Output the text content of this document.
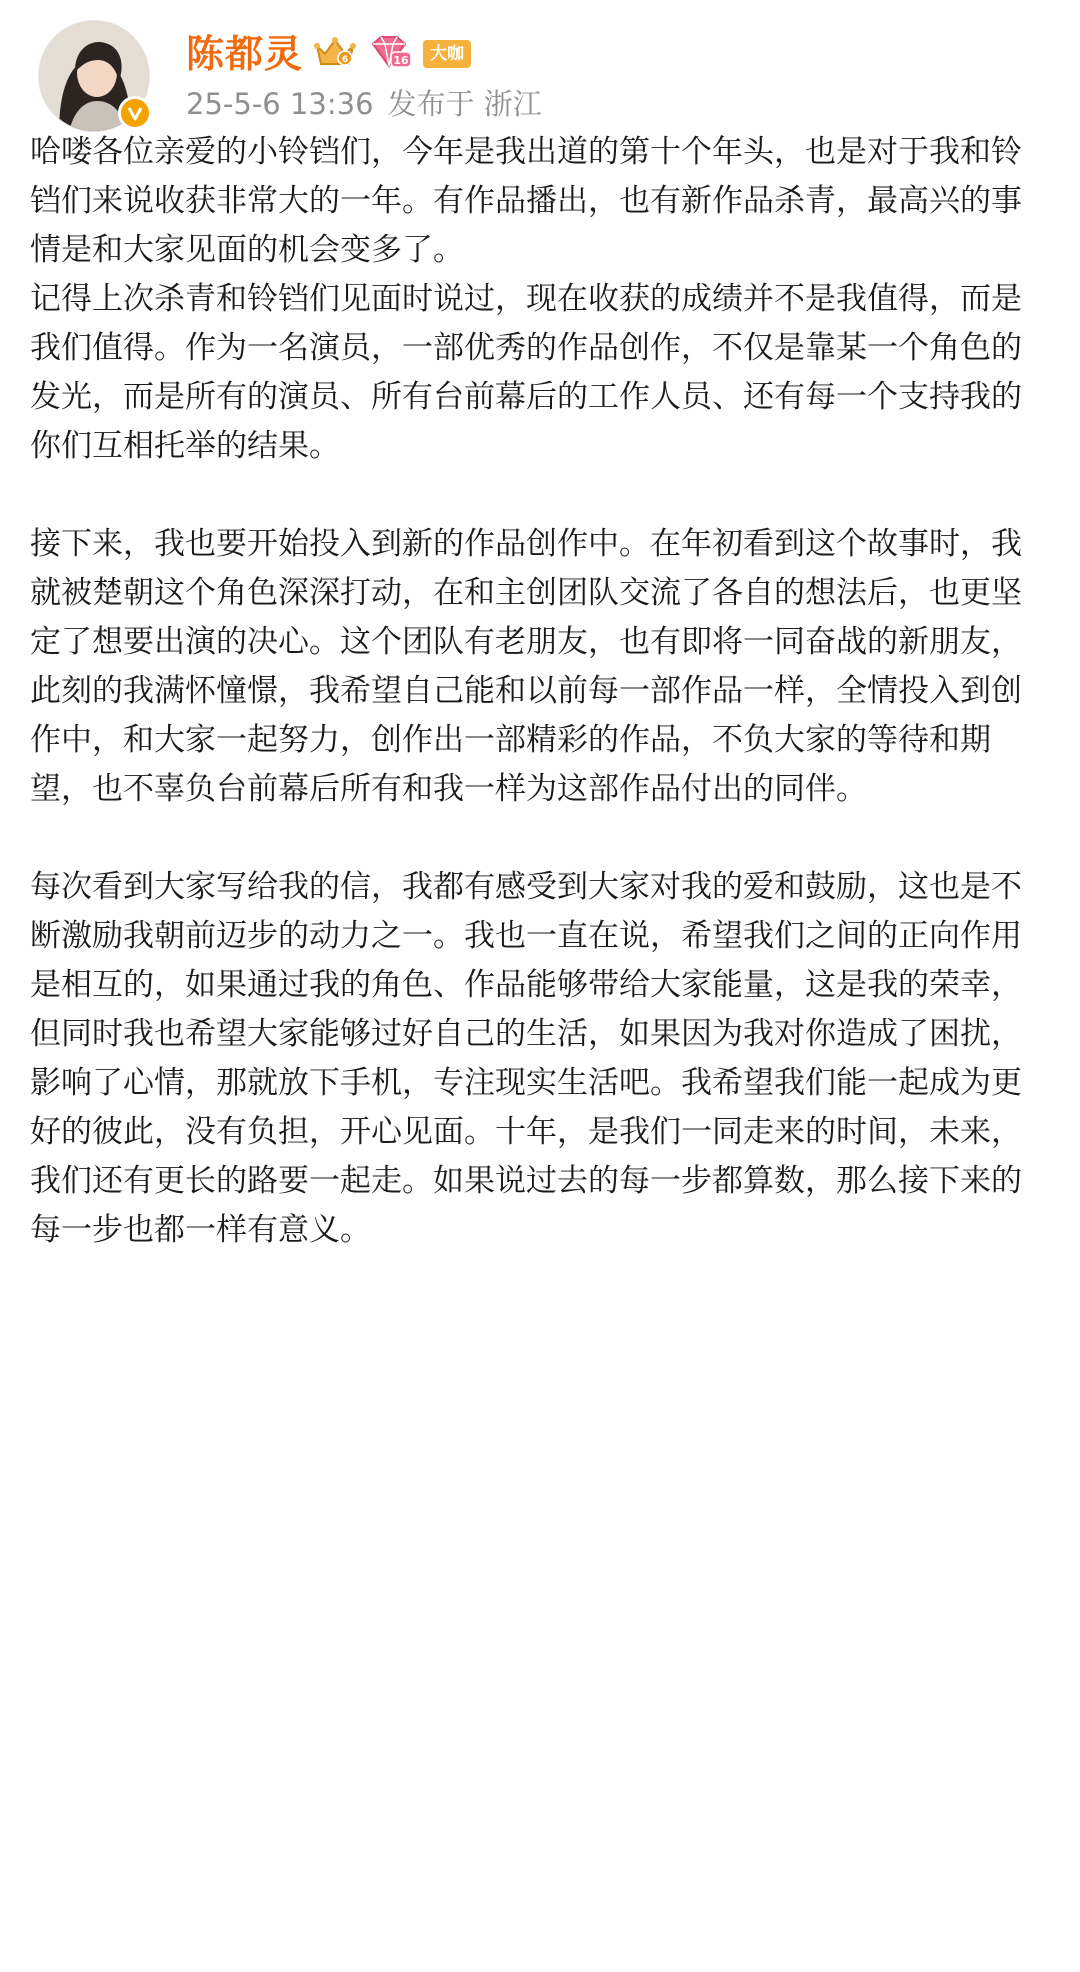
陈都灵	6	16	大咖
25-5-6 13:36 发布于 浙江

哈喽各位亲爱的小铃铛们，今年是我出道的第十个年头，也是对于我和铃铛们来说收获非常大的一年。有作品播出，也有新作品杀青，最高兴的事情是和大家见面的机会变多了。

记得上次杀青和铃铛们见面时说过，现在收获的成绩并不是我值得，而是我们值得。作为一名演员，一部优秀的作品创作，不仅是靠某一个角色的发光，而是所有的演员、所有台前幕后的工作人员、还有每一个支持我的你们互相托举的结果。

接下来，我也要开始投入到新的作品创作中。在年初看到这个故事时，我就被楚朝这个角色深深打动，在和主创团队交流了各自的想法后，也更坚定了想要出演的决心。这个团队有老朋友，也有即将一同奋战的新朋友，此刻的我满怀憧憬，我希望自己能和以前每一部作品一样，全情投入到创作中，和大家一起努力，创作出一部精彩的作品，不负大家的等待和期望，也不辜负台前幕后所有和我一样为这部作品付出的同伴。

每次看到大家写给我的信，我都有感受到大家对我的爱和鼓励，这也是不断激励我朝前迈步的动力之一。我也一直在说，希望我们之间的正向作用是相互的，如果通过我的角色、作品能够带给大家能量，这是我的荣幸，但同时我也希望大家能够过好自己的生活，如果因为我对你造成了困扰，影响了心情，那就放下手机，专注现实生活吧。我希望我们能一起成为更好的彼此，没有负担，开心见面。十年，是我们一同走来的时间，未来，我们还有更长的路要一起走。如果说过去的每一步都算数，那么接下来的每一步也都一样有意义。
